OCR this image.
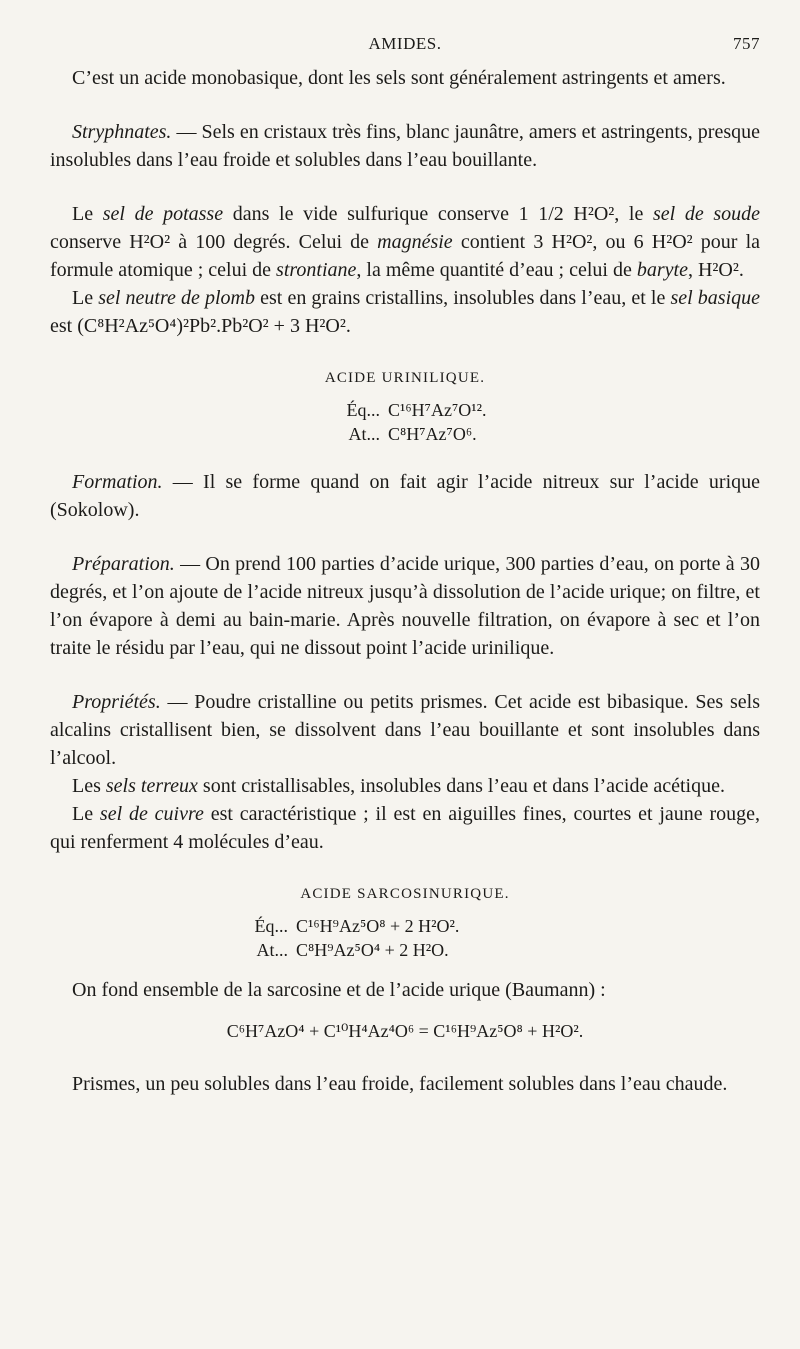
AMIDES.	757

C’est un acide monobasique, dont les sels sont généralement astringents et amers.

Stryphnates. — Sels en cristaux très fins, blanc jaunâtre, amers et astringents, presque insolubles dans l’eau froide et solubles dans l’eau bouillante.

Le sel de potasse dans le vide sulfurique conserve 1 1/2 H²O², le sel de soude conserve H²O² à 100 degrés. Celui de magnésie contient 3 H²O², ou 6 H²O² pour la formule atomique ; celui de strontiane, la même quantité d’eau ; celui de baryte, H²O².

Le sel neutre de plomb est en grains cristallins, insolubles dans l’eau, et le sel basique est (C⁸H²Az⁵O⁴)²Pb².Pb²O² + 3 H²O².

ACIDE URINILIQUE.
Éq... C¹⁶H⁷Az⁷O¹².
At... C⁸H⁷Az⁷O⁶.

Formation. — Il se forme quand on fait agir l’acide nitreux sur l’acide urique (Sokolow).

Préparation. — On prend 100 parties d’acide urique, 300 parties d’eau, on porte à 30 degrés, et l’on ajoute de l’acide nitreux jusqu’à dissolution de l’acide urique; on filtre, et l’on évapore à demi au bain-marie. Après nouvelle filtration, on évapore à sec et l’on traite le résidu par l’eau, qui ne dissout point l’acide urinilique.

Propriétés. — Poudre cristalline ou petits prismes. Cet acide est bibasique. Ses sels alcalins cristallisent bien, se dissolvent dans l’eau bouillante et sont insolubles dans l’alcool.

Les sels terreux sont cristallisables, insolubles dans l’eau et dans l’acide acétique.

Le sel de cuivre est caractéristique ; il est en aiguilles fines, courtes et jaune rouge, qui renferment 4 molécules d’eau.

ACIDE SARCOSINURIQUE.
Éq... C¹⁶H⁹Az⁵O⁸ + 2 H²O².
At... C⁸H⁹Az⁵O⁴ + 2 H²O.

On fond ensemble de la sarcosine et de l’acide urique (Baumann) :

C⁶H⁷AzO⁴ + C¹⁰H⁴Az⁴O⁶ = C¹⁶H⁹Az⁵O⁸ + H²O².

Prismes, un peu solubles dans l’eau froide, facilement solubles dans l’eau chaude.
